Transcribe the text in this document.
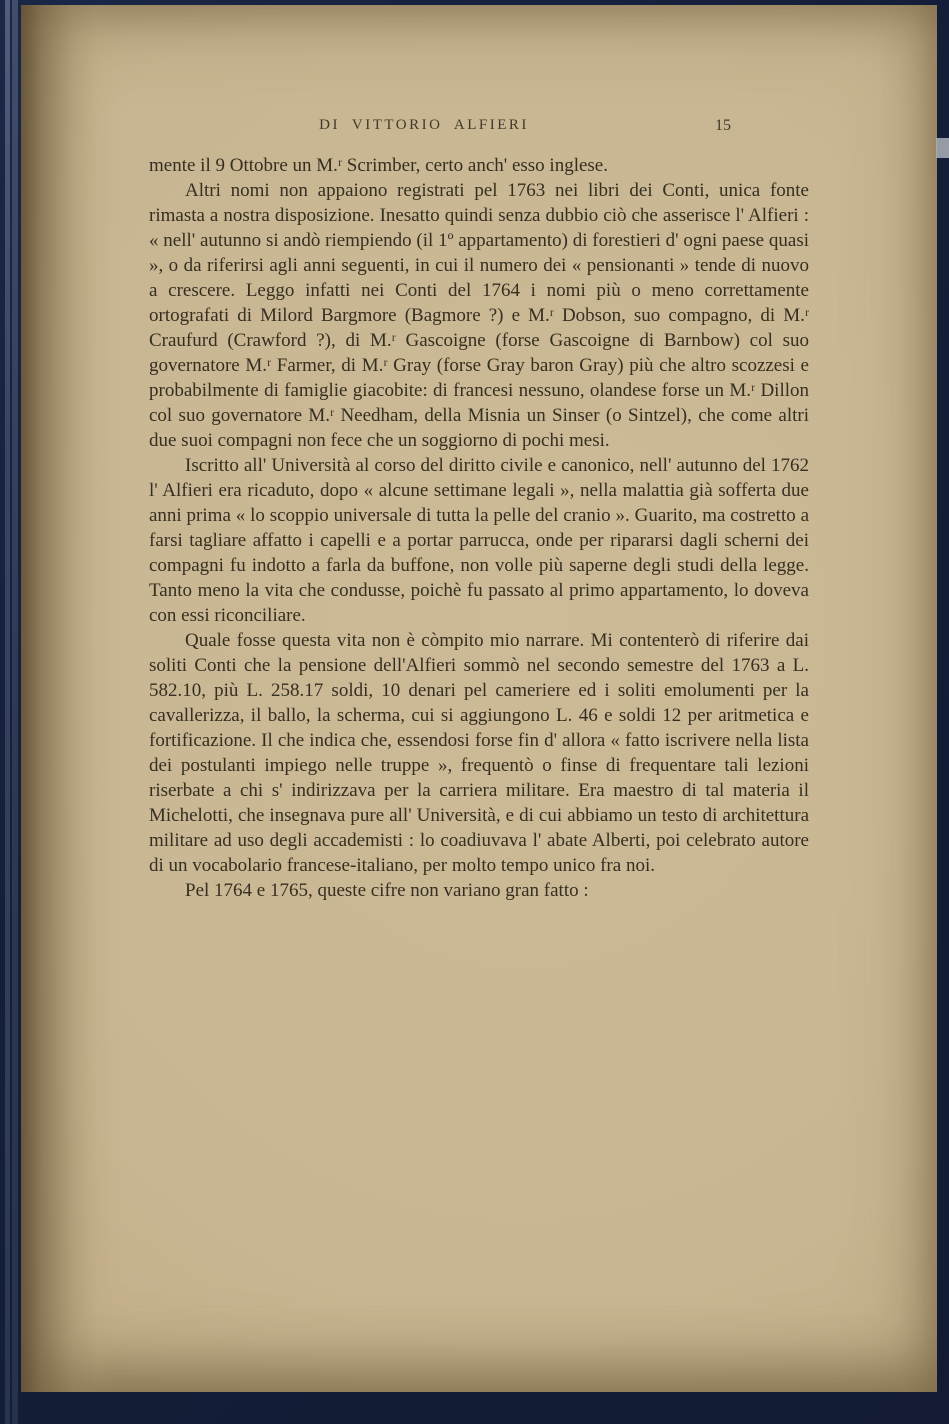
DI VITTORIO ALFIERI	15

mente il 9 Ottobre un M.ʳ Scrimber, certo anch' esso inglese.

Altri nomi non appaiono registrati pel 1763 nei libri dei Conti, unica fonte rimasta a nostra disposizione. Inesatto quindi senza dubbio ciò che asserisce l' Alfieri : « nell' autunno si andò riempiendo (il 1º appartamento) di forestieri d' ogni paese quasi », o da riferirsi agli anni seguenti, in cui il numero dei « pensionanti » tende di nuovo a crescere. Leggo infatti nei Conti del 1764 i nomi più o meno correttamente ortografati di Milord Bargmore (Bagmore ?) e M.ʳ Dobson, suo compagno, di M.ʳ Craufurd (Crawford ?), di M.ʳ Gascoigne (forse Gascoigne di Barnbow) col suo governatore M.ʳ Farmer, di M.ʳ Gray (forse Gray baron Gray) più che altro scozzesi e probabilmente di famiglie giacobite: di francesi nessuno, olandese forse un M.ʳ Dillon col suo governatore M.ʳ Needham, della Misnia un Sinser (o Sintzel), che come altri due suoi compagni non fece che un soggiorno di pochi mesi.

Iscritto all' Università al corso del diritto civile e canonico, nell' autunno del 1762 l' Alfieri era ricaduto, dopo « alcune settimane legali », nella malattia già sofferta due anni prima « lo scoppio universale di tutta la pelle del cranio ». Guarito, ma costretto a farsi tagliare affatto i capelli e a portar parrucca, onde per ripararsi dagli scherni dei compagni fu indotto a farla da buffone, non volle più saperne degli studi della legge. Tanto meno la vita che condusse, poichè fu passato al primo appartamento, lo doveva con essi riconciliare.

Quale fosse questa vita non è còmpito mio narrare. Mi contenterò di riferire dai soliti Conti che la pensione dell'Alfieri sommò nel secondo semestre del 1763 a L. 582.10, più L. 258.17 soldi, 10 denari pel cameriere ed i soliti emolumenti per la cavallerizza, il ballo, la scherma, cui si aggiungono L. 46 e soldi 12 per aritmetica e fortificazione. Il che indica che, essendosi forse fin d' allora « fatto iscrivere nella lista dei postulanti impiego nelle truppe », frequentò o finse di frequentare tali lezioni riserbate a chi s' indirizzava per la carriera militare. Era maestro di tal materia il Michelotti, che insegnava pure all' Università, e di cui abbiamo un testo di architettura militare ad uso degli accademisti : lo coadiuvava l' abate Alberti, poi celebrato autore di un vocabolario francese-italiano, per molto tempo unico fra noi.

Pel 1764 e 1765, queste cifre non variano gran fatto :
